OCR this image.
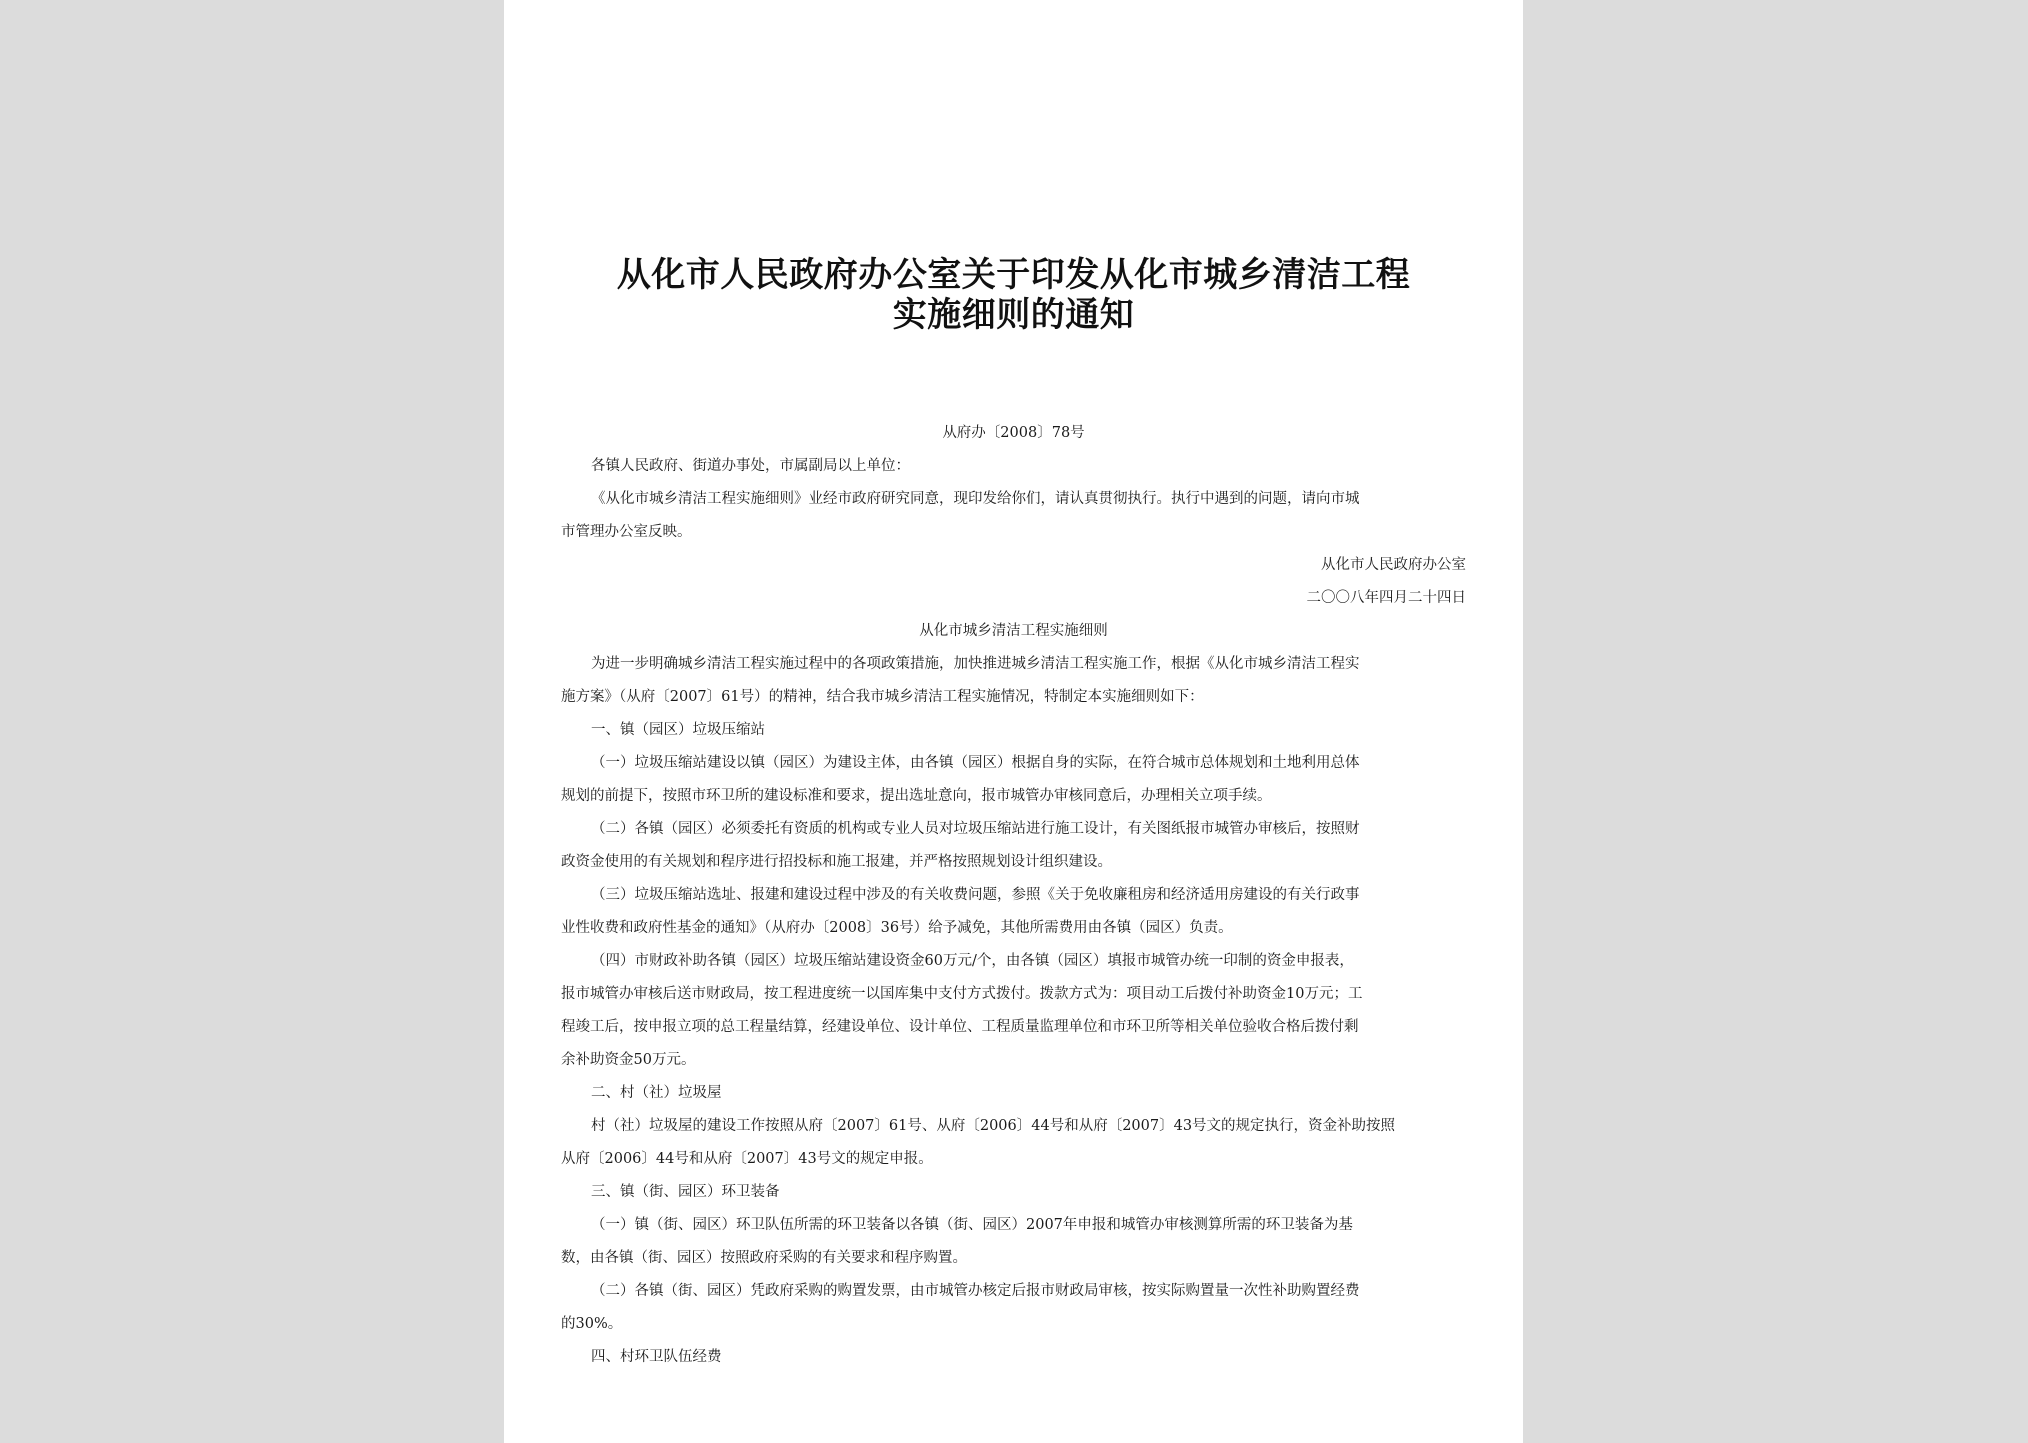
从化市人民政府办公室关于印发从化市城乡清洁工程
实施细则的通知
从府办〔2008〕78号
各镇人民政府、街道办事处，市属副局以上单位：
《从化市城乡清洁工程实施细则》业经市政府研究同意，现印发给你们，请认真贯彻执行。执行中遇到的问题，请向市城
市管理办公室反映。
从化市人民政府办公室
二〇〇八年四月二十四日
从化市城乡清洁工程实施细则
为进一步明确城乡清洁工程实施过程中的各项政策措施，加快推进城乡清洁工程实施工作，根据《从化市城乡清洁工程实
施方案》（从府〔2007〕61号）的精神，结合我市城乡清洁工程实施情况，特制定本实施细则如下：
一、镇（园区）垃圾压缩站
（一）垃圾压缩站建设以镇（园区）为建设主体，由各镇（园区）根据自身的实际，在符合城市总体规划和土地利用总体
规划的前提下，按照市环卫所的建设标准和要求，提出选址意向，报市城管办审核同意后，办理相关立项手续。
（二）各镇（园区）必须委托有资质的机构或专业人员对垃圾压缩站进行施工设计，有关图纸报市城管办审核后，按照财
政资金使用的有关规划和程序进行招投标和施工报建，并严格按照规划设计组织建设。
（三）垃圾压缩站选址、报建和建设过程中涉及的有关收费问题，参照《关于免收廉租房和经济适用房建设的有关行政事
业性收费和政府性基金的通知》（从府办〔2008〕36号）给予减免，其他所需费用由各镇（园区）负责。
（四）市财政补助各镇（园区）垃圾压缩站建设资金60万元/个，由各镇（园区）填报市城管办统一印制的资金申报表，
报市城管办审核后送市财政局，按工程进度统一以国库集中支付方式拨付。拨款方式为：项目动工后拨付补助资金10万元；工
程竣工后，按申报立项的总工程量结算，经建设单位、设计单位、工程质量监理单位和市环卫所等相关单位验收合格后拨付剩
余补助资金50万元。
二、村（社）垃圾屋
村（社）垃圾屋的建设工作按照从府〔2007〕61号、从府〔2006〕44号和从府〔2007〕43号文的规定执行，资金补助按照
从府〔2006〕44号和从府〔2007〕43号文的规定申报。
三、镇（街、园区）环卫装备
（一）镇（街、园区）环卫队伍所需的环卫装备以各镇（街、园区）2007年申报和城管办审核测算所需的环卫装备为基
数，由各镇（街、园区）按照政府采购的有关要求和程序购置。
（二）各镇（街、园区）凭政府采购的购置发票，由市城管办核定后报市财政局审核，按实际购置量一次性补助购置经费
的30%。
四、村环卫队伍经费
